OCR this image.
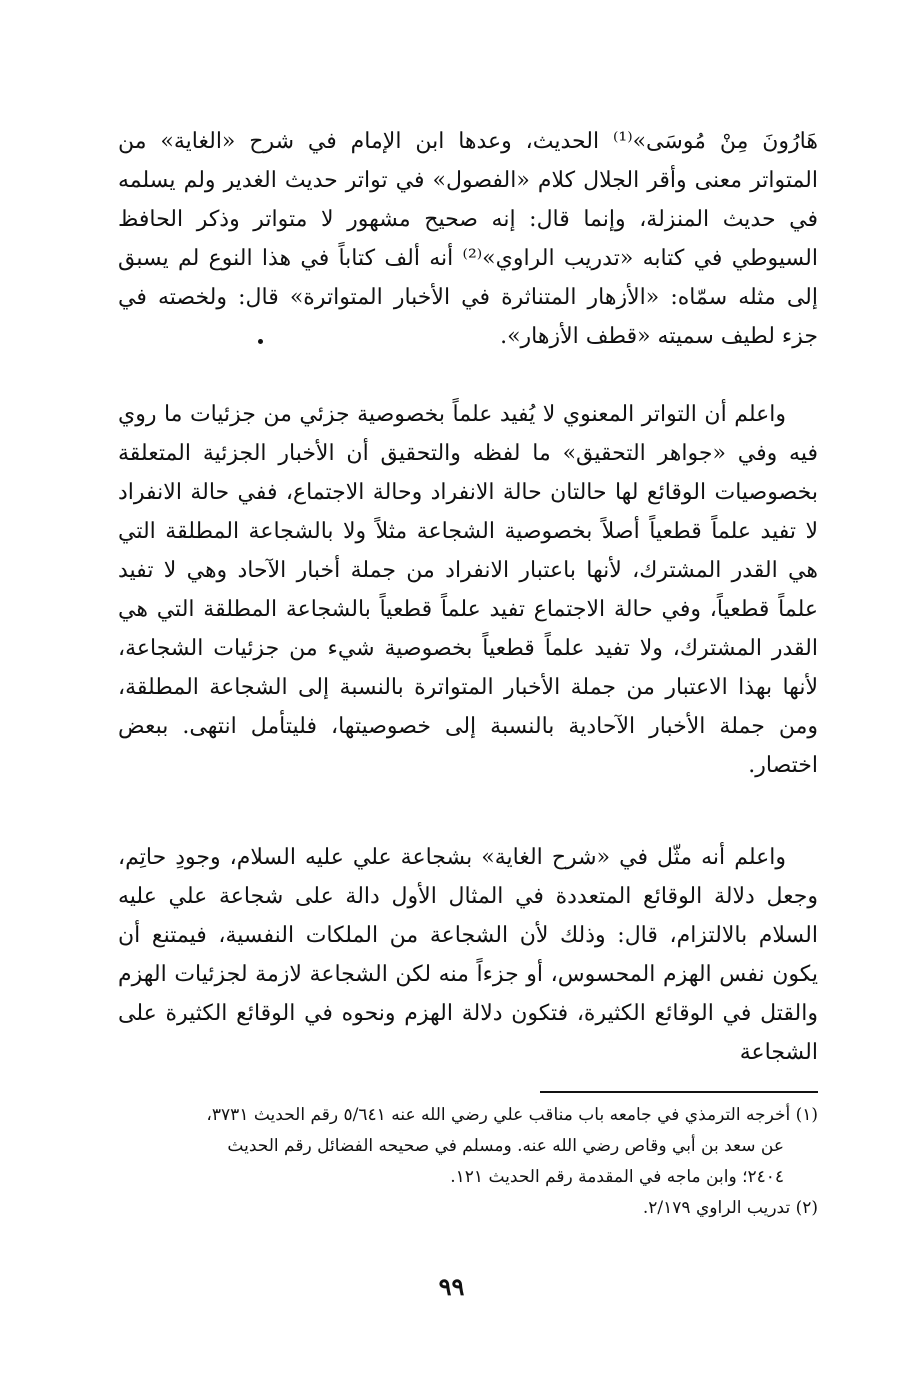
هَارُونَ مِنْ مُوسَى»⁽¹⁾ الحديث، وعدها ابن الإمام في شرح «الغاية» من المتواتر معنى وأقر الجلال كلام «الفصول» في تواتر حديث الغدير ولم يسلمه في حديث المنزلة، وإنما قال: إنه صحيح مشهور لا متواتر وذكر الحافظ السيوطي في كتابه «تدريب الراوي»⁽²⁾ أنه ألف كتاباً في هذا النوع لم يسبق إلى مثله سمّاه: «الأزهار المتناثرة في الأخبار المتواترة» قال: ولخصته في جزء لطيف سميته «قطف الأزهار».

واعلم أن التواتر المعنوي لا يُفيد علماً بخصوصية جزئي من جزئيات ما روي فيه وفي «جواهر التحقيق» ما لفظه والتحقيق أن الأخبار الجزئية المتعلقة بخصوصيات الوقائع لها حالتان حالة الانفراد وحالة الاجتماع، ففي حالة الانفراد لا تفيد علماً قطعياً أصلاً بخصوصية الشجاعة مثلاً ولا بالشجاعة المطلقة التي هي القدر المشترك، لأنها باعتبار الانفراد من جملة أخبار الآحاد وهي لا تفيد علماً قطعياً، وفي حالة الاجتماع تفيد علماً قطعياً بالشجاعة المطلقة التي هي القدر المشترك، ولا تفيد علماً قطعياً بخصوصية شيء من جزئيات الشجاعة، لأنها بهذا الاعتبار من جملة الأخبار المتواترة بالنسبة إلى الشجاعة المطلقة، ومن جملة الأخبار الآحادية بالنسبة إلى خصوصيتها، فليتأمل انتهى. ببعض اختصار.

واعلم أنه مثّل في «شرح الغاية» بشجاعة علي عليه السلام، وجودِ حاتِم، وجعل دلالة الوقائع المتعددة في المثال الأول دالة على شجاعة علي عليه السلام بالالتزام، قال: وذلك لأن الشجاعة من الملكات النفسية، فيمتنع أن يكون نفس الهزم المحسوس، أو جزءاً منه لكن الشجاعة لازمة لجزئيات الهزم والقتل في الوقائع الكثيرة، فتكون دلالة الهزم ونحوه في الوقائع الكثيرة على الشجاعة

(١) أخرجه الترمذي في جامعه باب مناقب علي رضي الله عنه ٥/٦٤١ رقم الحديث ٣٧٣١،

عن سعد بن أبي وقاص رضي الله عنه. ومسلم في صحيحه الفضائل رقم الحديث

٢٤٠٤؛ وابن ماجه في المقدمة رقم الحديث ١٢١.

(٢) تدريب الراوي ٢/١٧٩.

٩٩
